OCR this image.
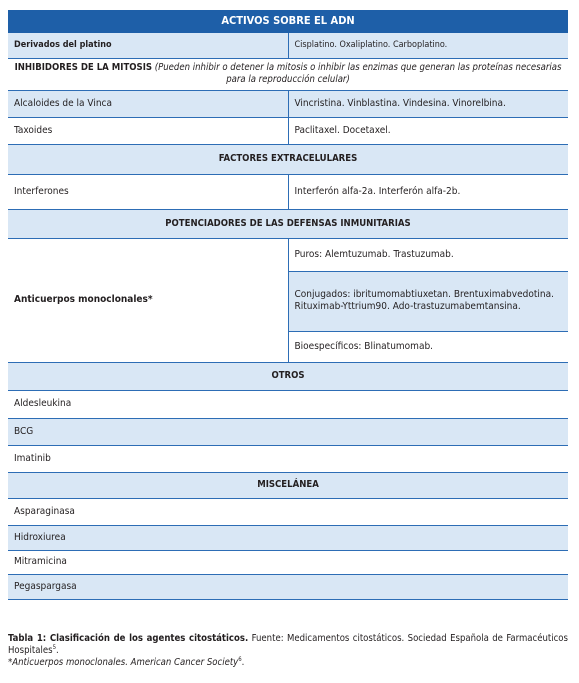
ACTIVOS SOBRE EL ADN	
Derivados del platino	Cisplatino. Oxaliplatino. Carboplatino.
INHIBIDORES DE LA MITOSIS (Pueden inhibir o detener la mitosis o inhibir las enzimas que generan las proteínas necesarias para la reproducción celular)	
Alcaloides de la Vinca	Vincristina. Vinblastina. Vindesina. Vinorelbina.
Taxoides	Paclitaxel. Docetaxel.
FACTORES EXTRACELULARES	
Interferones	Interferón alfa-2a. Interferón alfa-2b.
POTENCIADORES DE LAS DEFENSAS INMUNITARIAS	
Anticuerpos monoclonales*	Puros: Alemtuzumab. Trastuzumab.
	Conjugados: ibritumomabtiuxetan. Brentuximabvedotina. Rituximab-Yttrium90. Ado-trastuzumabemtansina.
	Bioespecíficos: Blinatumomab.
OTROS	
Aldesleukina	
BCG	
Imatinib	
MISCELÁNEA	
Asparaginasa	
Hidroxiurea	
Mitramicina	
Pegaspargasa	
Tabla 1: Clasificación de los agentes citostáticos. Fuente: Medicamentos citostáticos. Sociedad Española de Farmacéuticos Hospitales$^5$.
*Anticuerpos monoclonales. American Cancer Society$^6$.
